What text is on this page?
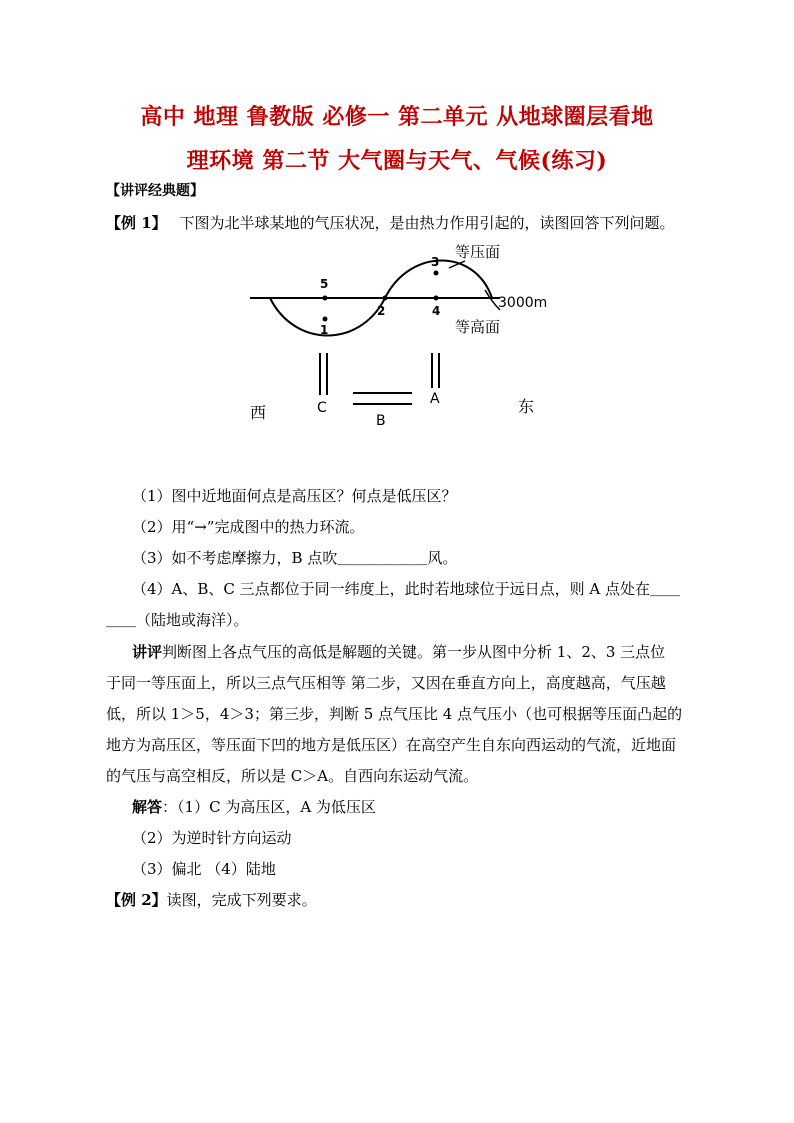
高中 地理 鲁教版 必修一 第二单元 从地球圈层看地
理环境 第二节 大气圈与天气、气候(练习)
【讲评经典题】
【例 1】 下图为北半球某地的气压状况，是由热力作用引起的，读图回答下列问题。
1
2
3
4
5
等压面
3000m
等高面
C
A
B
西	东
（1）图中近地面何点是高压区？何点是低压区？
（2）用“→”完成图中的热力环流。
（3）如不考虑摩擦力，B 点吹＿＿＿＿＿＿风。
（4）A、B、C 三点都位于同一纬度上，此时若地球位于远日点，则 A 点处在＿＿
＿＿（陆地或海洋）。
讲评判断图上各点气压的高低是解题的关键。第一步从图中分析 1、2、3 三点位
于同一等压面上，所以三点气压相等 第二步，又因在垂直方向上，高度越高，气压越
低，所以 1＞5，4＞3；第三步，判断 5 点气压比 4 点气压小（也可根据等压面凸起的
地方为高压区，等压面下凹的地方是低压区）在高空产生自东向西运动的气流，近地面
的气压与高空相反，所以是 C＞A。自西向东运动气流。
解答：（1）C 为高压区，A 为低压区
（2）为逆时针方向运动
（3）偏北 （4）陆地
【例 2】读图，完成下列要求。
